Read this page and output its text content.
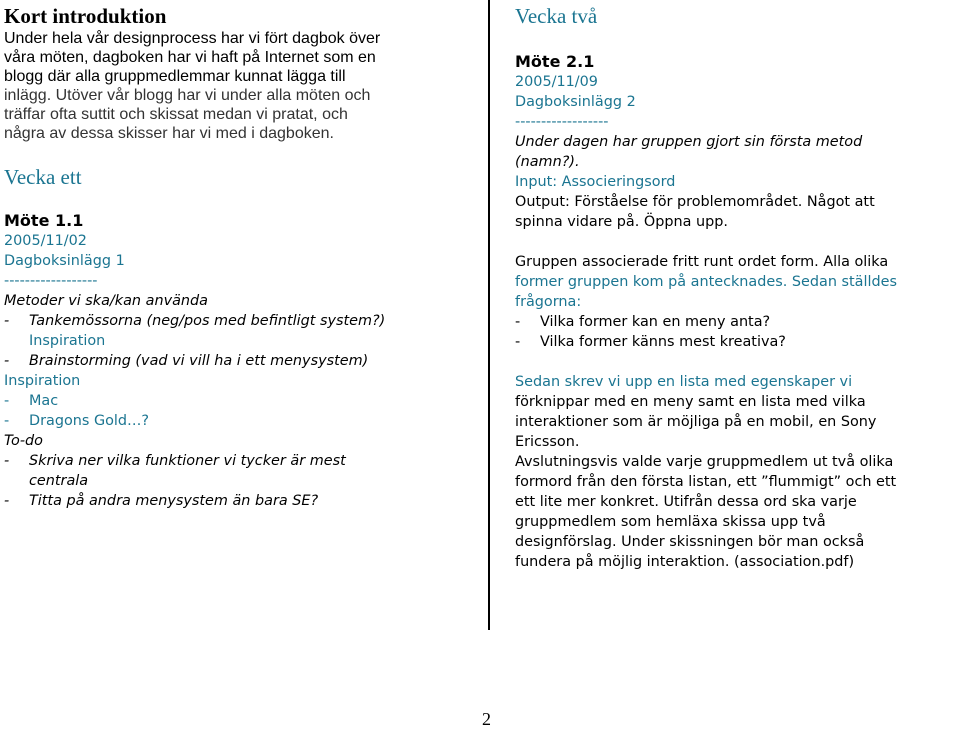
Kort introduktion
Under hela vår designprocess har vi fört dagbok över
våra möten, dagboken har vi haft på Internet som en
blogg där alla gruppmedlemmar kunnat lägga till
inlägg. Utöver vår blogg har vi under alla möten och
träffar ofta suttit och skissat medan vi pratat, och
några av dessa skisser har vi med i dagboken.
Vecka ett
Möte 1.1
2005/11/02
Dagboksinlägg 1
------------------
Metoder vi ska/kan använda
- Tankemössorna (neg/pos med befintligt system?)
Inspiration
- Brainstorming (vad vi vill ha i ett menysystem)
Inspiration
- Mac
- Dragons Gold…?
To-do
- Skriva ner vilka funktioner vi tycker är mest
centrala
- Titta på andra menysystem än bara SE?
Vecka två
Möte 2.1
2005/11/09
Dagboksinlägg 2
------------------
Under dagen har gruppen gjort sin första metod
(namn?).
Input: Associeringsord
Output: Förståelse för problemområdet. Något att
spinna vidare på. Öppna upp.
Gruppen associerade fritt runt ordet form. Alla olika
former gruppen kom på antecknades. Sedan ställdes
frågorna:
- Vilka former kan en meny anta?
- Vilka former känns mest kreativa?
Sedan skrev vi upp en lista med egenskaper vi
förknippar med en meny samt en lista med vilka
interaktioner som är möjliga på en mobil, en Sony
Ericsson.
Avslutningsvis valde varje gruppmedlem ut två olika
formord från den första listan, ett ”flummigt” och ett
ett lite mer konkret. Utifrån dessa ord ska varje
gruppmedlem som hemläxa skissa upp två
designförslag. Under skissningen bör man också
fundera på möjlig interaktion. (association.pdf)
2
